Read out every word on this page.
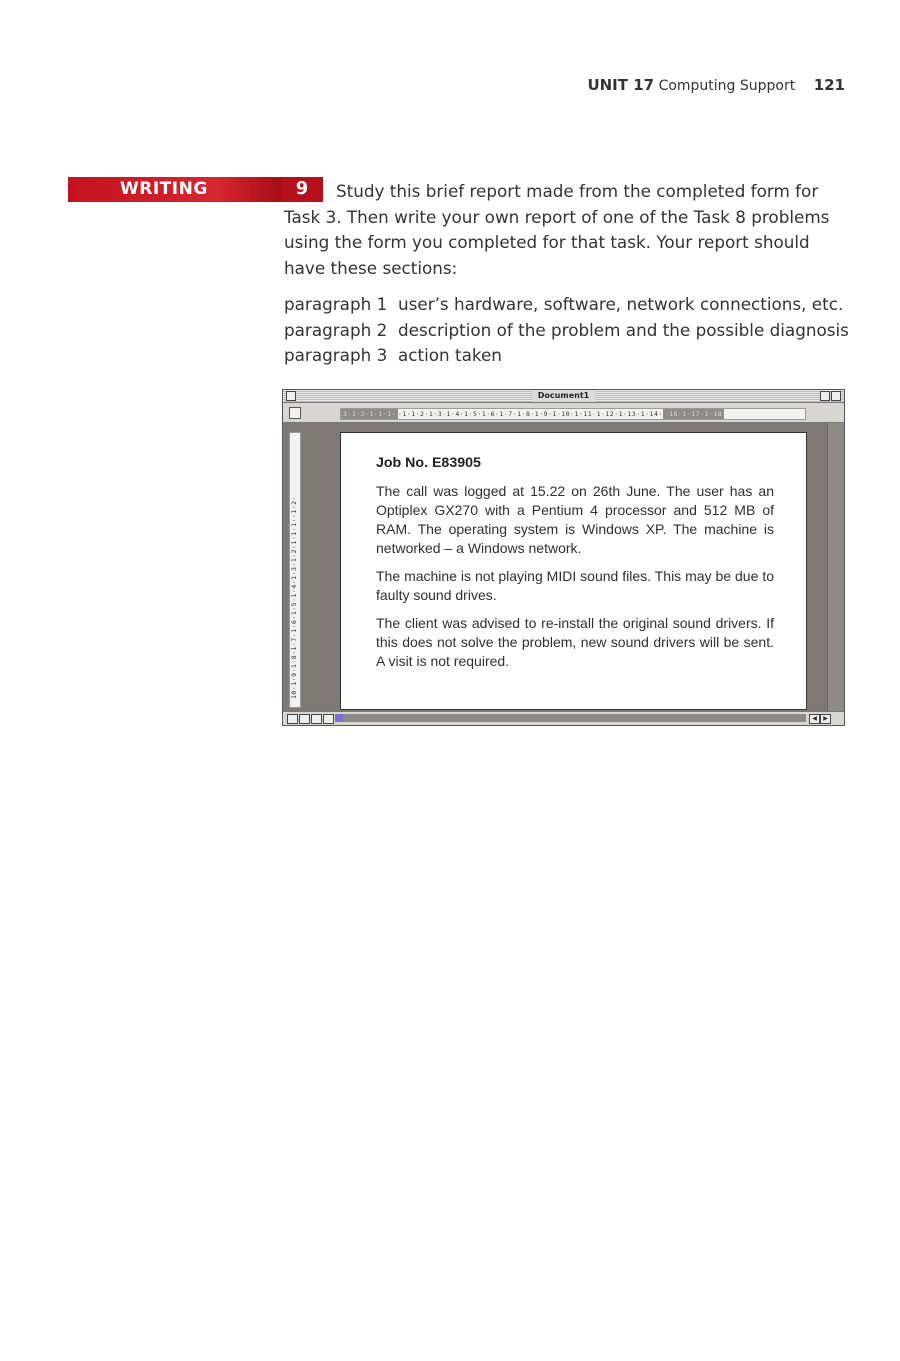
UNIT 17 Computing Support 121
WRITING	9	Study this brief report made from the completed form for Task 3. Then write your own report of one of the Task 8 problems using the form you completed for that task. Your report should have these sections:
paragraph 1 user’s hardware, software, network connections, etc.
paragraph 2 description of the problem and the possible diagnosis
paragraph 3 action taken
Document1
3·1·2·1·1·1· ·1·1·2·1·3·1·4·1·5·1·6·1·7·1·8·1·9·1·10·1·11·1·12·1·13·1·14· ·16·1·17·1·18
10·1·9·1·8·1·7·1·6·1·5·1·4·1·3·1·2·1·1·1··1·2·
Job No. E83905

The call was logged at 15.22 on 26th June. The user has an Optiplex GX270 with a Pentium 4 processor and 512 MB of RAM. The operating system is Windows XP. The machine is networked – a Windows network.

The machine is not playing MIDI sound files. This may be due to faulty sound drives.

The client was advised to re-install the original sound drivers. If this does not solve the problem, new sound drivers will be sent. A visit is not required.

◀	▶
